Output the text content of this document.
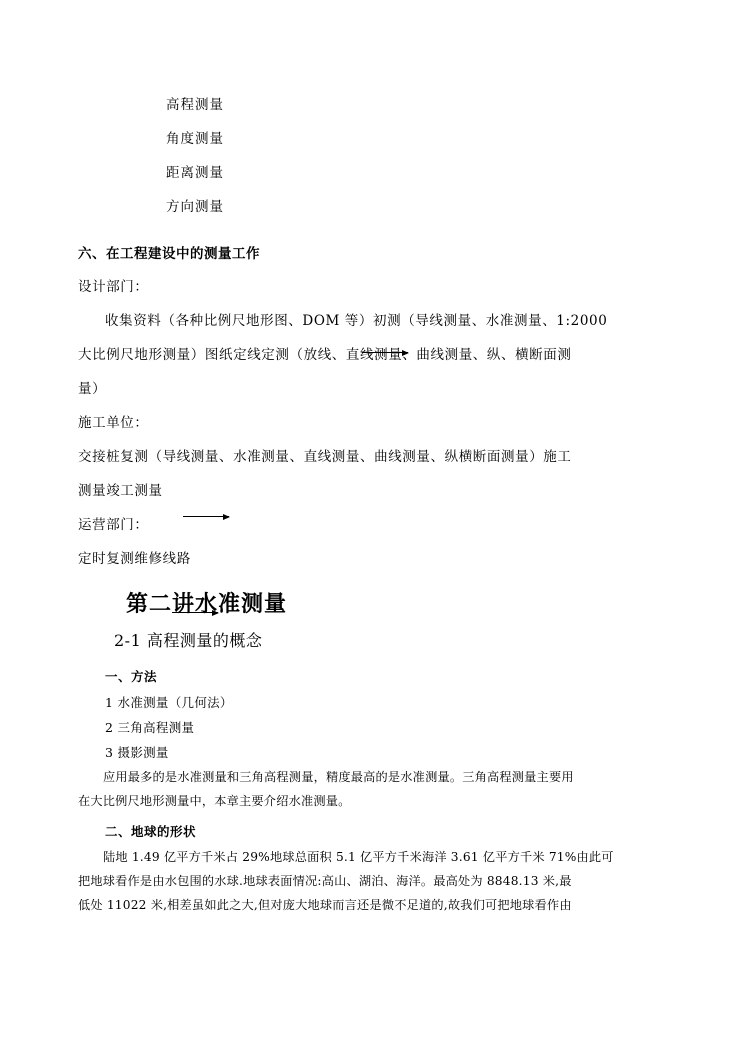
高程测量

角度测量

距离测量

方向测量

六、在工程建设中的测量工作

设计部门：

收集资料（各种比例尺地形图、DOM 等）初测（导线测量、水准测量、1:2000

大比例尺地形测量）图纸定线定测（放线、直线测量、曲线测量、纵、横断面测

量）

施工单位：

交接桩复测（导线测量、水准测量、直线测量、曲线测量、纵横断面测量）施工

测量竣工测量

运营部门：

定时复测维修线路

第二讲水准测量

2-1 高程测量的概念

一、方法

1 水准测量（几何法）

2 三角高程测量

3 摄影测量

应用最多的是水准测量和三角高程测量，精度最高的是水准测量。三角高程测量主要用

在大比例尺地形测量中，本章主要介绍水准测量。

二、地球的形状

陆地 1.49 亿平方千米占 29%地球总面积 5.1 亿平方千米海洋 3.61 亿平方千米 71%由此可

把地球看作是由水包围的水球.地球表面情况:高山、湖泊、海洋。最高处为 8848.13 米,最

低处 11022 米,相差虽如此之大,但对庞大地球而言还是微不足道的,故我们可把地球看作由
